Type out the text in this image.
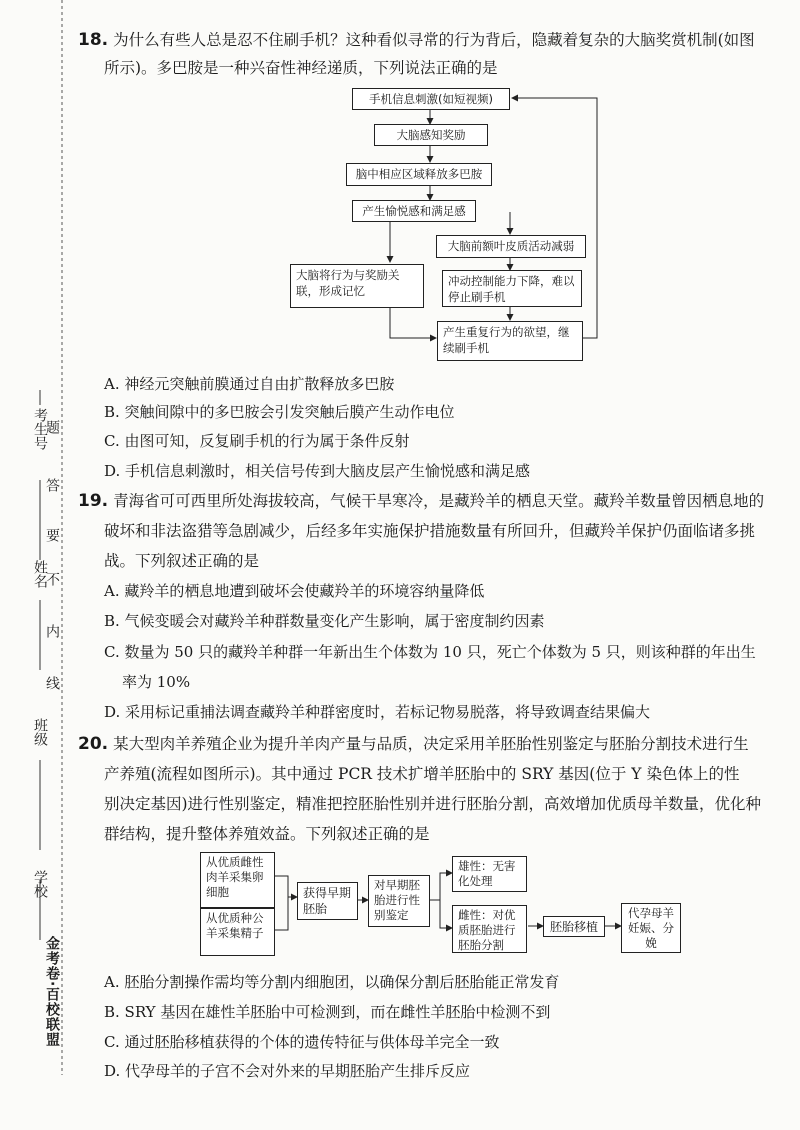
考生号
姓名
班级
学校
金考卷·百校联盟
题
答
要
不
内
线
18. 为什么有些人总是忍不住刷手机？这种看似寻常的行为背后，隐藏着复杂的大脑奖赏机制(如图
所示)。多巴胺是一种兴奋性神经递质，下列说法正确的是
手机信息刺激(如短视频)
大脑感知奖励
脑中相应区域释放多巴胺
产生愉悦感和满足感
大脑前额叶皮质活动减弱
大脑将行为与奖励关联，形成记忆
冲动控制能力下降，难以停止刷手机
产生重复行为的欲望，继续刷手机
A. 神经元突触前膜通过自由扩散释放多巴胺
B. 突触间隙中的多巴胺会引发突触后膜产生动作电位
C. 由图可知，反复刷手机的行为属于条件反射
D. 手机信息刺激时，相关信号传到大脑皮层产生愉悦感和满足感
19. 青海省可可西里所处海拔较高，气候干旱寒冷，是藏羚羊的栖息天堂。藏羚羊数量曾因栖息地的
破坏和非法盗猎等急剧减少，后经多年实施保护措施数量有所回升，但藏羚羊保护仍面临诸多挑
战。下列叙述正确的是
A. 藏羚羊的栖息地遭到破坏会使藏羚羊的环境容纳量降低
B. 气候变暖会对藏羚羊种群数量变化产生影响，属于密度制约因素
C. 数量为 50 只的藏羚羊种群一年新出生个体数为 10 只，死亡个体数为 5 只，则该种群的年出生
率为 10%
D. 采用标记重捕法调查藏羚羊种群密度时，若标记物易脱落，将导致调查结果偏大
20. 某大型肉羊养殖企业为提升羊肉产量与品质，决定采用羊胚胎性别鉴定与胚胎分割技术进行生
产养殖(流程如图所示)。其中通过 PCR 技术扩增羊胚胎中的 SRY 基因(位于 Y 染色体上的性
别决定基因)进行性别鉴定，精准把控胚胎性别并进行胚胎分割，高效增加优质母羊数量，优化种
群结构，提升整体养殖效益。下列叙述正确的是
从优质雌性肉羊采集卵细胞
从优质种公羊采集精子
获得早期胚胎
对早期胚胎进行性别鉴定
雄性：无害化处理
雌性：对优质胚胎进行胚胎分割
胚胎移植
代孕母羊妊娠、分娩
A. 胚胎分割操作需均等分割内细胞团，以确保分割后胚胎能正常发育
B. SRY 基因在雄性羊胚胎中可检测到，而在雌性羊胚胎中检测不到
C. 通过胚胎移植获得的个体的遗传特征与供体母羊完全一致
D. 代孕母羊的子宫不会对外来的早期胚胎产生排斥反应
